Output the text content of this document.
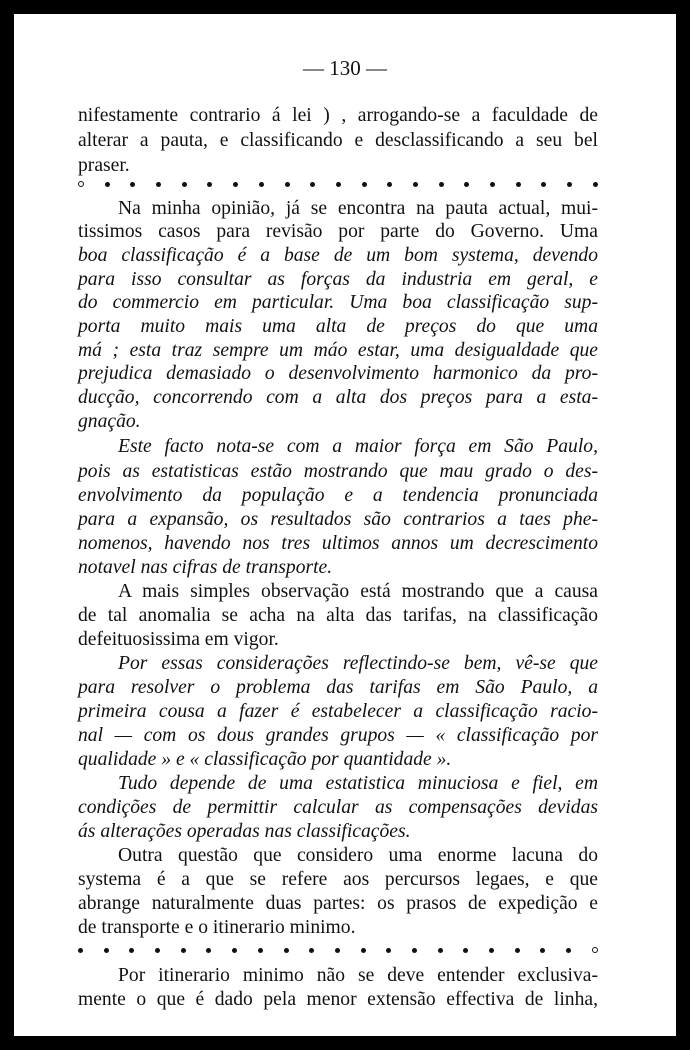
— 130 —
nifestamente contrario á lei ) , arrogando-se a faculdade de
alterar a pauta, e classificando e desclassificando a seu bel
praser.
Na minha opinião, já se encontra na pauta actual, mui-
tissimos casos para revisão por parte do Governo. Uma
boa classificação é a base de um bom systema, devendo
para isso consultar as forças da industria em geral, e
do commercio em particular. Uma boa classificação sup-
porta muito mais uma alta de preços do que uma
má ; esta traz sempre um máo estar, uma desigualdade que
prejudica demasiado o desenvolvimento harmonico da pro-
ducção, concorrendo com a alta dos preços para a esta-
gnação.
Este facto nota-se com a maior força em São Paulo,
pois as estatisticas estão mostrando que mau grado o des-
envolvimento da população e a tendencia pronunciada
para a expansão, os resultados são contrarios a taes phe-
nomenos, havendo nos tres ultimos annos um decrescimento
notavel nas cifras de transporte.
A mais simples observação está mostrando que a causa
de tal anomalia se acha na alta das tarifas, na classificação
defeituosissima em vigor.
Por essas considerações reflectindo-se bem, vê-se que
para resolver o problema das tarifas em São Paulo, a
primeira cousa a fazer é estabelecer a classificação racio-
nal — com os dous grandes grupos — « classificação por
qualidade » e « classificação por quantidade ».
Tudo depende de uma estatistica minuciosa e fiel, em
condições de permittir calcular as compensações devidas
ás alterações operadas nas classificações.
Outra questão que considero uma enorme lacuna do
systema é a que se refere aos percursos legaes, e que
abrange naturalmente duas partes: os prasos de expedição e
de transporte e o itinerario minimo.
Por itinerario minimo não se deve entender exclusiva-
mente o que é dado pela menor extensão effectiva de linha,
